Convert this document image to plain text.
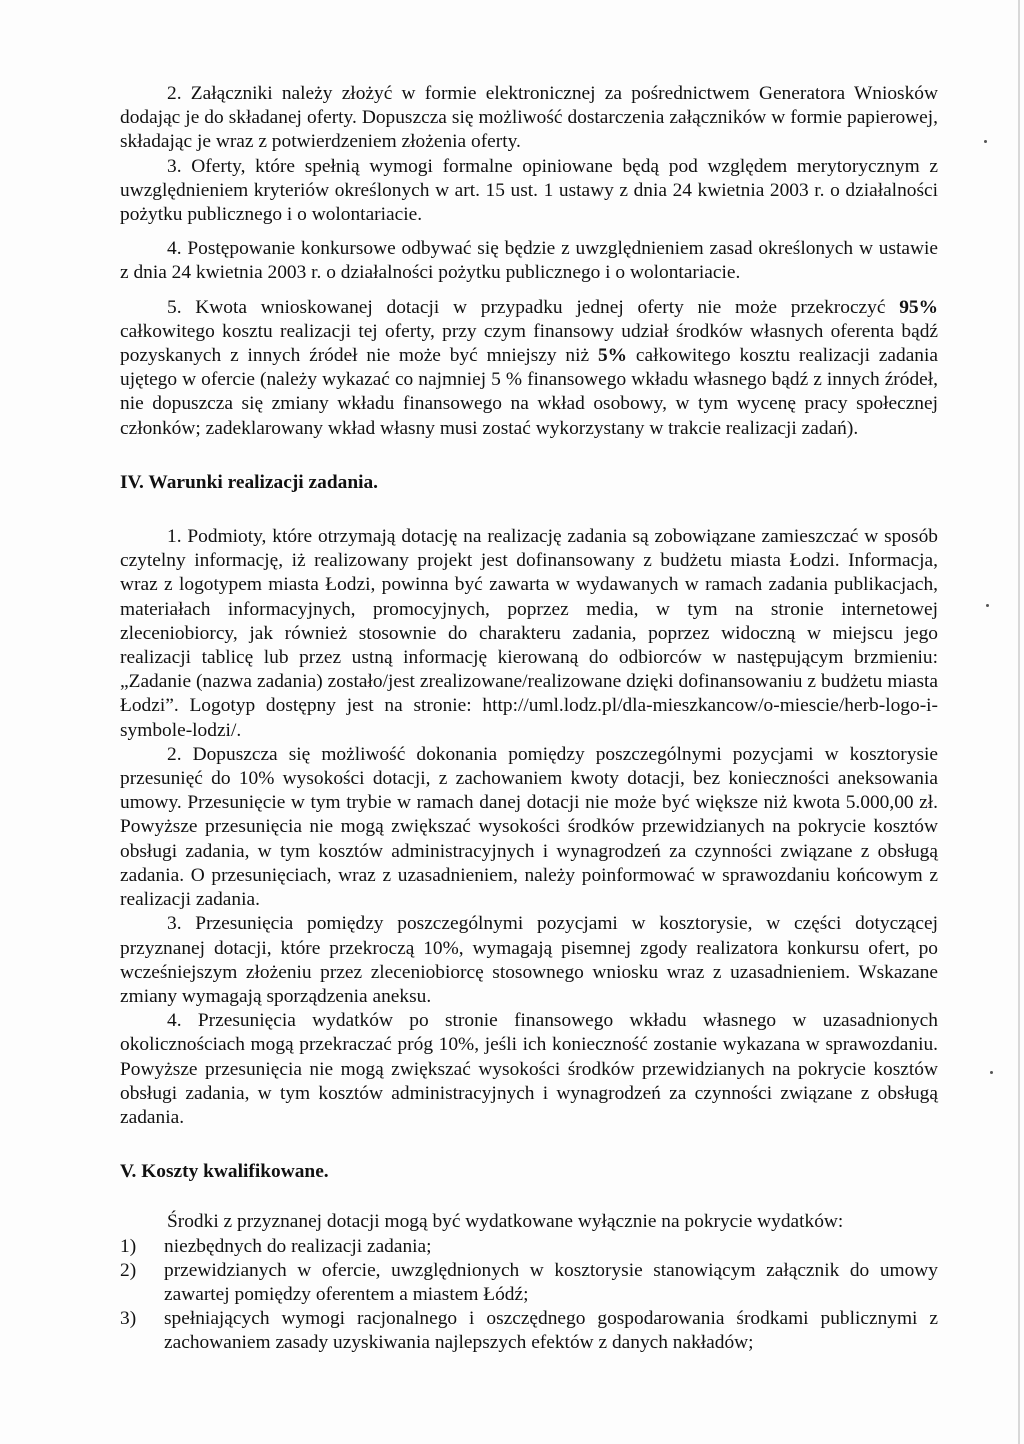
2. Załączniki należy złożyć w formie elektronicznej za pośrednictwem Generatora Wniosków dodając je do składanej oferty. Dopuszcza się możliwość dostarczenia załączników w formie papierowej, składając je wraz z potwierdzeniem złożenia oferty.

3. Oferty, które spełnią wymogi formalne opiniowane będą pod względem merytorycznym z uwzględnieniem kryteriów określonych w art. 15 ust. 1 ustawy z dnia 24 kwietnia 2003 r. o działalności pożytku publicznego i o wolontariacie.

4. Postępowanie konkursowe odbywać się będzie z uwzględnieniem zasad określonych w ustawie z dnia 24 kwietnia 2003 r. o działalności pożytku publicznego i o wolontariacie.

5. Kwota wnioskowanej dotacji w przypadku jednej oferty nie może przekroczyć 95% całkowitego kosztu realizacji tej oferty, przy czym finansowy udział środków własnych oferenta bądź pozyskanych z innych źródeł nie może być mniejszy niż 5% całkowitego kosztu realizacji zadania ujętego w ofercie (należy wykazać co najmniej 5 % finansowego wkładu własnego bądź z innych źródeł, nie dopuszcza się zmiany wkładu finansowego na wkład osobowy, w tym wycenę pracy społecznej członków; zadeklarowany wkład własny musi zostać wykorzystany w trakcie realizacji zadań).

IV. Warunki realizacji zadania.

1. Podmioty, które otrzymają dotację na realizację zadania są zobowiązane zamieszczać w sposób czytelny informację, iż realizowany projekt jest dofinansowany z budżetu miasta Łodzi. Informacja, wraz z logotypem miasta Łodzi, powinna być zawarta w wydawanych w ramach zadania publikacjach, materiałach informacyjnych, promocyjnych, poprzez media, w tym na stronie internetowej zleceniobiorcy, jak również stosownie do charakteru zadania, poprzez widoczną w miejscu jego realizacji tablicę lub przez ustną informację kierowaną do odbiorców w następującym brzmieniu: „Zadanie (nazwa zadania) zostało/jest zrealizowane/realizowane dzięki dofinansowaniu z budżetu miasta Łodzi”. Logotyp dostępny jest na stronie: http://uml.lodz.pl/dla-mieszkancow/o-miescie/herb-logo-i-symbole-lodzi/.

2. Dopuszcza się możliwość dokonania pomiędzy poszczególnymi pozycjami w kosztorysie przesunięć do 10% wysokości dotacji, z zachowaniem kwoty dotacji, bez konieczności aneksowania umowy. Przesunięcie w tym trybie w ramach danej dotacji nie może być większe niż kwota 5.000,00 zł. Powyższe przesunięcia nie mogą zwiększać wysokości środków przewidzianych na pokrycie kosztów obsługi zadania, w tym kosztów administracyjnych i wynagrodzeń za czynności związane z obsługą zadania. O przesunięciach, wraz z uzasadnieniem, należy poinformować w sprawozdaniu końcowym z realizacji zadania.

3. Przesunięcia pomiędzy poszczególnymi pozycjami w kosztorysie, w części dotyczącej przyznanej dotacji, które przekroczą 10%, wymagają pisemnej zgody realizatora konkursu ofert, po wcześniejszym złożeniu przez zleceniobiorcę stosownego wniosku wraz z uzasadnieniem. Wskazane zmiany wymagają sporządzenia aneksu.

4. Przesunięcia wydatków po stronie finansowego wkładu własnego w uzasadnionych okolicznościach mogą przekraczać próg 10%, jeśli ich konieczność zostanie wykazana w sprawozdaniu. Powyższe przesunięcia nie mogą zwiększać wysokości środków przewidzianych na pokrycie kosztów obsługi zadania, w tym kosztów administracyjnych i wynagrodzeń za czynności związane z obsługą zadania.

V. Koszty kwalifikowane.

Środki z przyznanej dotacji mogą być wydatkowane wyłącznie na pokrycie wydatków:

1)	niezbędnych do realizacji zadania;
2)	przewidzianych w ofercie, uwzględnionych w kosztorysie stanowiącym załącznik do umowy zawartej pomiędzy oferentem a miastem Łódź;
3)	spełniających wymogi racjonalnego i oszczędnego gospodarowania środkami publicznymi z zachowaniem zasady uzyskiwania najlepszych efektów z danych nakładów;
